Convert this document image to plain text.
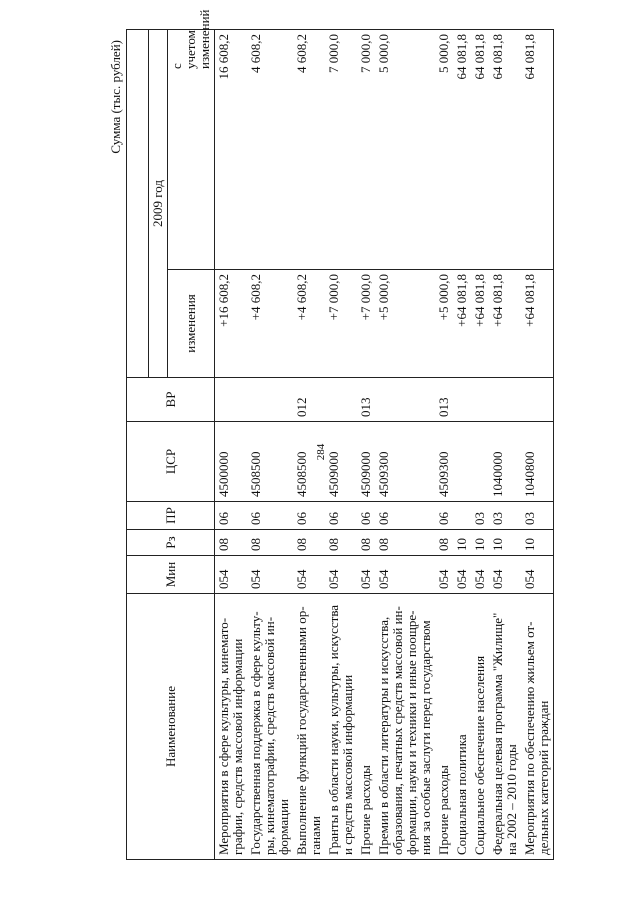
284
Сумма (тыс. рублей)
Наименование	Мин	Рз	ПР	ЦСР	ВР		
						2009 год	
						изменения	с учетом изменений
Мероприятия в сфере культуры, кинемато-графии, средств массовой информации	054	08	06	4500000		+16 608,2	16 608,2
Государственная поддержка в сфере культу-ры, кинематографии, средств массовой ин-формации	054	08	06	4508500		+4 608,2	4 608,2
Выполнение функций государственными ор-ганами	054	08	06	4508500	012	+4 608,2	4 608,2
Гранты в области науки, культуры, искусства и средств массовой информации	054	08	06	4509000		+7 000,0	7 000,0
Прочие расходы	054	08	06	4509000	013	+7 000,0	7 000,0
Премии в области литературы и искусства, образования, печатных средств массовой ин-формации, науки и техники и иные поощре-ния за особые заслуги перед государством	054	08	06	4509300		+5 000,0	5 000,0
Прочие расходы	054	08	06	4509300	013	+5 000,0	5 000,0
Социальная политика	054	10				+64 081,8	64 081,8
Социальное обеспечение населения	054	10	03			+64 081,8	64 081,8
Федеральная целевая программа "Жилище" на 2002 – 2010 годы	054	10	03	1040000		+64 081,8	64 081,8
Мероприятия по обеспечению жильем от-дельных категорий граждан	054	10	03	1040800		+64 081,8	64 081,8
